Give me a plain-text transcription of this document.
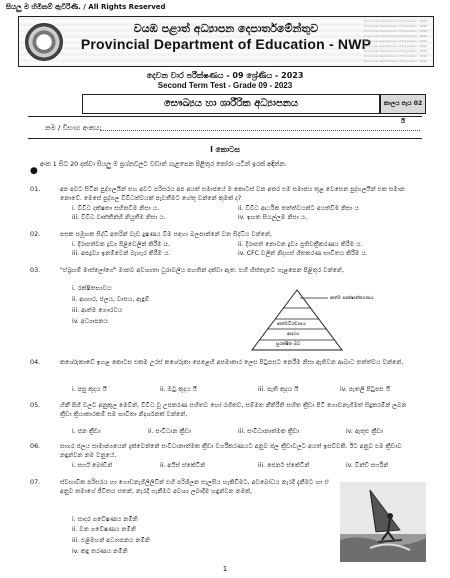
සියලු ම හිමිකම් ඇවිරිණි. / All Rights Reserved
වයඹ පළාත් අධ්‍යාපන දෙපාර්තමේන්තුව
Provincial Department of Education - NWP
Provincial Department of Education - NWP
Provincial Department of Education - NWP
Provincial Department of Education - NWP
Provincial Department of Education - NWP
Provincial Department of Education - NWP
Provincial Department of Education - NWP
Provincial Department of Education - NWP
Provincial Department of Education - NWP
Provincial Department of Education - NWP
දෙවන වාර පරීක්ෂණය - 09 ශ්‍රේණිය - 2023
Second Term Test - Grade 09 - 2023
සෞඛ්‍යය හා ශාරීරික අධ්‍යාපනය	කාලය පැය 02 යි
නම / විභාග අංකය:
I කොටස
●
අංක 1 සිට 20 දක්වා සියලු ම ප්‍රශ්නවලට වඩාත් ගැළපෙන පිළිතුර තෝරා යටින් ඉරක් අඳින්න.
01.	අප අවට සිටින පුද්ගලයින් සහ අවට පරිසරය අප අයත් සමාජයේ ම කොටස් වන අතර එම සමාජය තුළ වෙසෙන පුද්ගලයින් එක සමාන නොවේ. මෙසේ පුද්ගල විවිධත්වයක් පැවතීමට හේතු වන්නේ කුමක් ද?
i. විවිධ දක්ෂතා සහිතවීම නිසා ය.	ii. විවිධ ආර්ථික තත්ත්වයන්ට අයත්වීම නිසා ය
iii. විවිධ වෘත්තීන්හි නියුතීම නිසා ය.	iv. ඉහත සියල්ලම නිසා ය.
02.	පසක සමූහක සිද්ධි අතරින් වැඩ දුෂණය වීම සඳහා බලපාන්නේ වන සිද්ධිය වන්නේ,
i. දිරාපත්වන ද්‍රව්‍ය පිළිවෙලින් කිරීම ය.	ii. දිරාපත් නොවන ද්‍රව්‍ය ප්‍රතිචක්‍රීකරණය කිරීම ය.
iii. අපද්‍රව්‍ය ඉනම්වෙන් බැහැර කිරීම ය.	iv. CFC වලින් නිදහස් ශීතකරණ භාවිතය කිරීම ය.
03.	"ඒබ්‍රහම් මාස්ලෝගේ" මානව අවශ්‍යතා ධූරාවලිය පහතින් දක්වා ඇත. එහි හිස්තැනට ගැළපෙන පිළිතුර වන්නේ,
i. රක්ෂිතභාවය
ii. ආහාර, ජලය, වාසය, ඇඳුම්
iii. ආත්ම ගෞරවය
iv. අධ්‍යාපනය
ආත්ම සාක්ෂාත්කරණය
ආත්මවිශ්වාසය
ආදරය
සුරක්ෂිත බව
04.	කශේරුකාවේ ඉහළ කොටස එකම උරස් කශේරුකා පෙළෙහි අසමාකාර ලෙස පිටුපසට නෙරීම නිසා ඇතිවන ආබාධ තත්ත්වය වන්නේ,
i. පසු කුදය යි	ii. ඔටු කුදය යි	iii. පැති කුදය යි	iv. පැතලි පිටුපස යි
05.	හිනී පිහි වලට අනුකූල මෙවින්, විවිධ වූ උපකරණ සහිතව හෝ රහිතව, සම්මත නීතිරීති සහිත ක්‍රීඩා පිටි ගොඩනැගීමත් සිදුකරමින් ලබන ක්‍රීඩා ක්‍රියාකාරකම් සම භාවිතා නිදර්ශනක් වන්නේ,
i. ජන ක්‍රීඩා	ii. සංවිධාන ක්‍රීඩා	iii. සංවිධානාත්මක ක්‍රීඩා	iv. ඇතුළු ක්‍රීඩා
06.	සාගර ජලය සාමාන්‍යයෙන් දැක්වෙන්නේ සංවිධානාත්මක ක්‍රීඩා වර්ගීකරණයට අනුව ජල ක්‍රීඩාවලට අයත් ඉසව්වකි. ඊට අනුව එම ක්‍රීඩාව නඳුන්වන නම වනුයේ,
i. සර්ෆ් බෝඩින්	ii. අයිස් ස්කේටින්	iii. ජෙනර් ස්කේටින්	iv. වින්ඩ් සර්ෆින්
07.	ස්වභාවික පරිසරය හා ගොඩනැගිලිලිවින් එහි පරිශීලන සැලසිය හැකිවීමට, අවබෝධය නැරදී දැනීමට හා ඒ අනුව තමාගේ ජීවිතය සතන්, නැරදී ගැනීමට අවශ්‍ය ලබාදීම හඳුන්වන නමක්,
i. සාදර ගවේෂණය නමිනි
ii. වන ගවේෂණය නමිනි
iii. එළිමහන් අධ්‍යාපනය නමිනි
iv. කඳු තරණය නමිනි
1
